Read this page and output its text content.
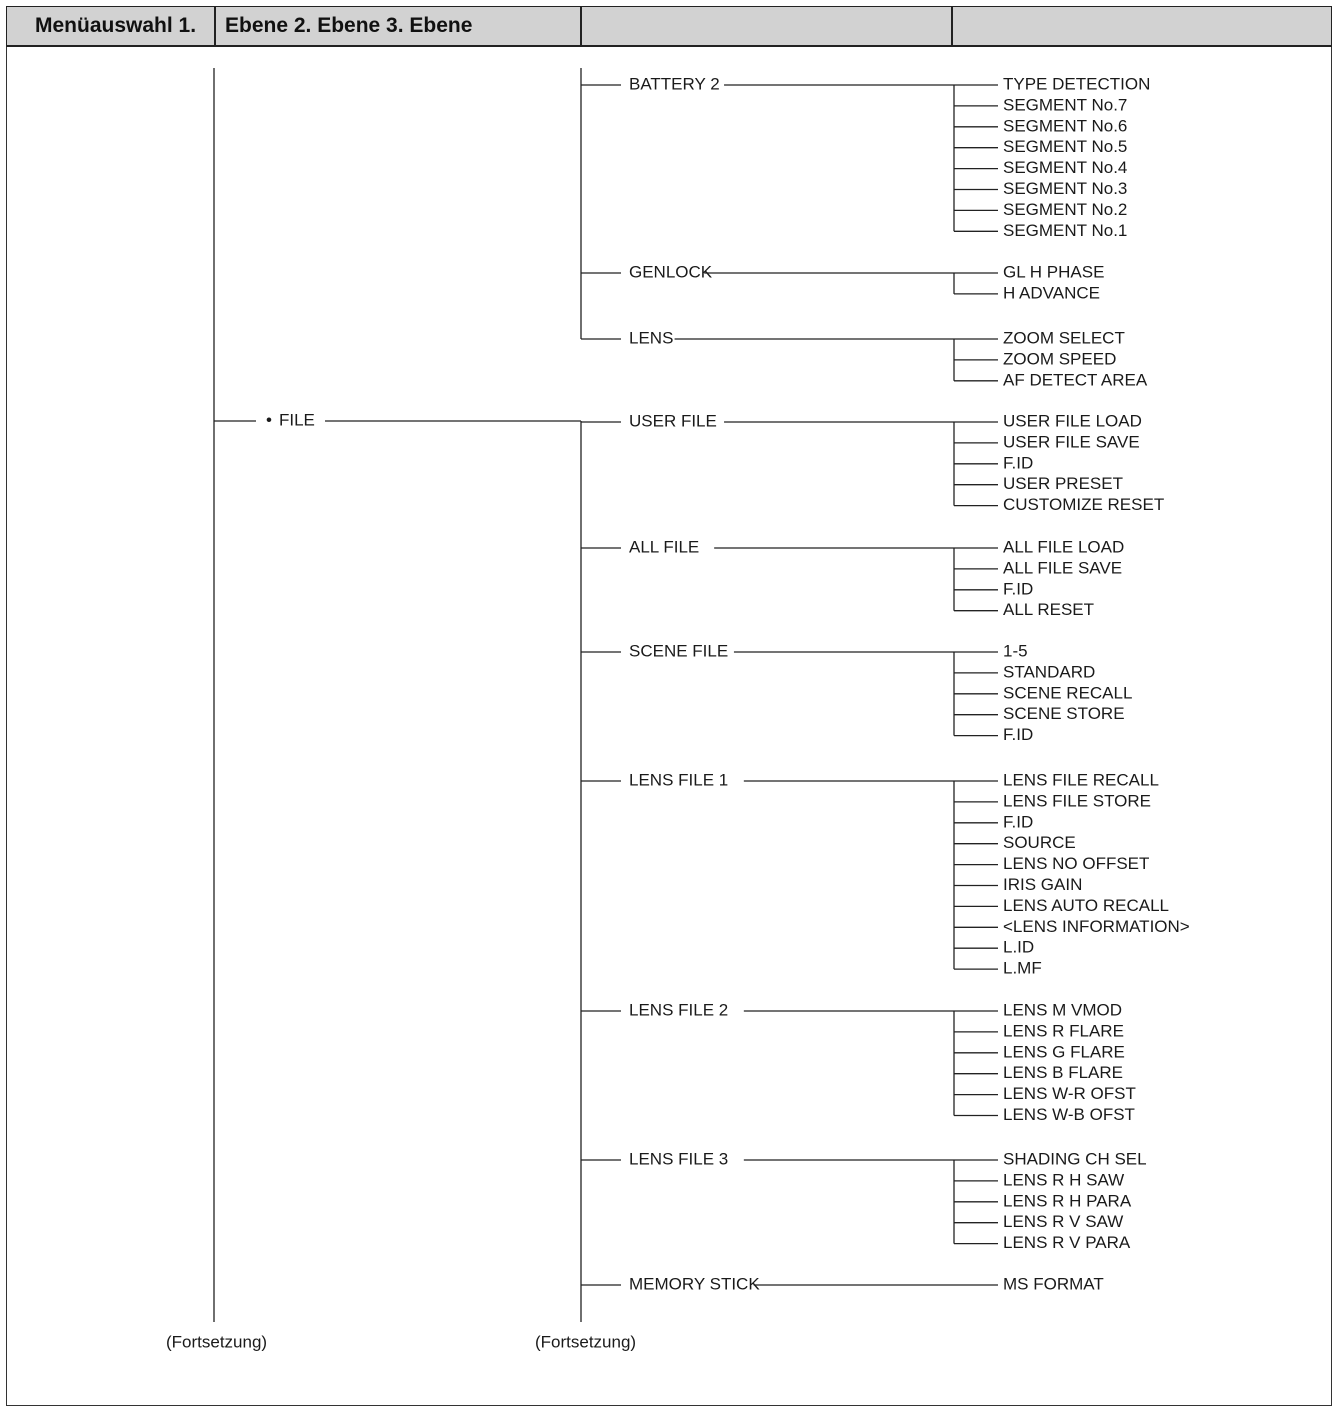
Menüauswahl 1. Ebene 2. Ebene 3. Ebene
• FILE
BATTERY 2	TYPE DETECTION
SEGMENT No.7
SEGMENT No.6
SEGMENT No.5
SEGMENT No.4
SEGMENT No.3
SEGMENT No.2
SEGMENT No.1
GENLOCK	GL H PHASE
H ADVANCE
LENS	ZOOM SELECT
ZOOM SPEED
AF DETECT AREA
USER FILE	USER FILE LOAD
USER FILE SAVE
F.ID
USER PRESET
CUSTOMIZE RESET
ALL FILE	ALL FILE LOAD
ALL FILE SAVE
F.ID
ALL RESET
SCENE FILE	1-5
STANDARD
SCENE RECALL
SCENE STORE
F.ID
LENS FILE 1	LENS FILE RECALL
LENS FILE STORE
F.ID
SOURCE
LENS NO OFFSET
IRIS GAIN
LENS AUTO RECALL
<LENS INFORMATION>
L.ID
L.MF
LENS FILE 2	LENS M VMOD
LENS R FLARE
LENS G FLARE
LENS B FLARE
LENS W-R OFST
LENS W-B OFST
LENS FILE 3	SHADING CH SEL
LENS R H SAW
LENS R H PARA
LENS R V SAW
LENS R V PARA
MEMORY STICK	MS FORMAT
(Fortsetzung)	(Fortsetzung)
